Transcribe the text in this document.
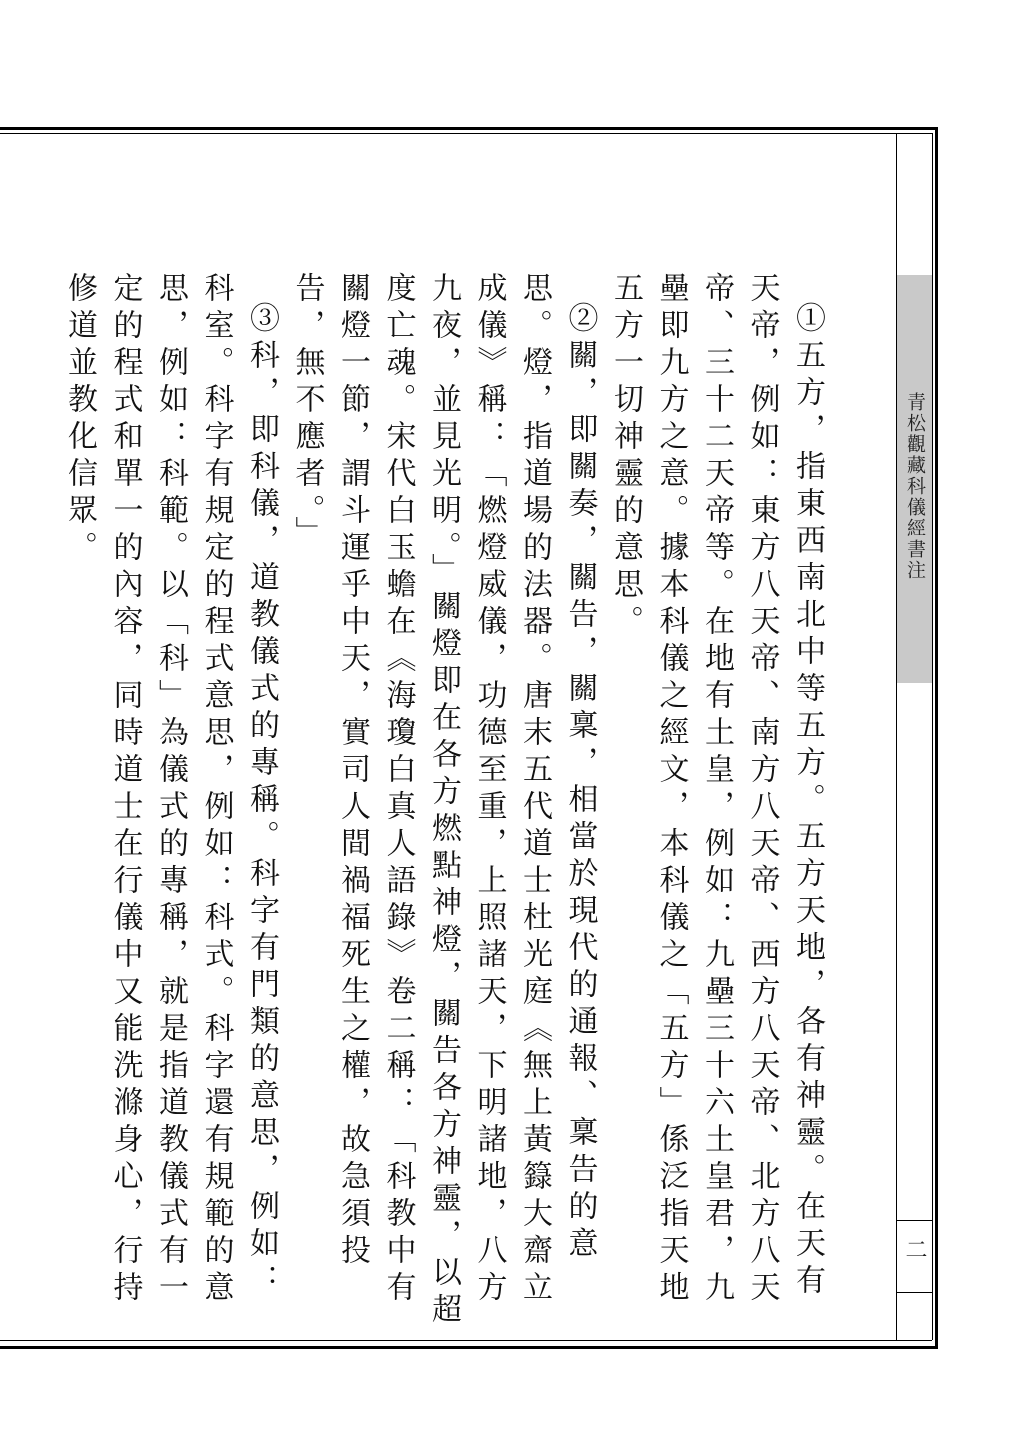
青松觀藏科儀經書注
二

①五方，指東西南北中等五方。五方天地，各有神靈。在天有天帝，例如：東方八天帝、南方八天帝、西方八天帝、北方八天帝、三十二天帝等。在地有土皇，例如：九壘三十六土皇君，九壘即九方之意。據本科儀之經文，本科儀之「五方」係泛指天地五方一切神靈的意思。

②關，即關奏，關告，關稟，相當於現代的通報、稟告的意思。燈，指道場的法器。唐末五代道士杜光庭《無上黃籙大齋立成儀》稱：「燃燈威儀，功德至重，上照諸天，下明諸地，八方九夜，並見光明。」關燈即在各方燃點神燈，關告各方神靈，以超度亡魂。宋代白玉蟾在《海瓊白真人語錄》卷二稱：「科教中有關燈一節，謂斗運乎中天，實司人間禍福死生之權，故急須投告，無不應者。」

③科，即科儀，道教儀式的專稱。科字有門類的意思，例如：科室。科字有規定的程式意思，例如：科式。科字還有規範的意思，例如：科範。以「科」為儀式的專稱，就是指道教儀式有一定的程式和單一的內容，同時道士在行儀中又能洗滌身心，行持修道並教化信眾。
